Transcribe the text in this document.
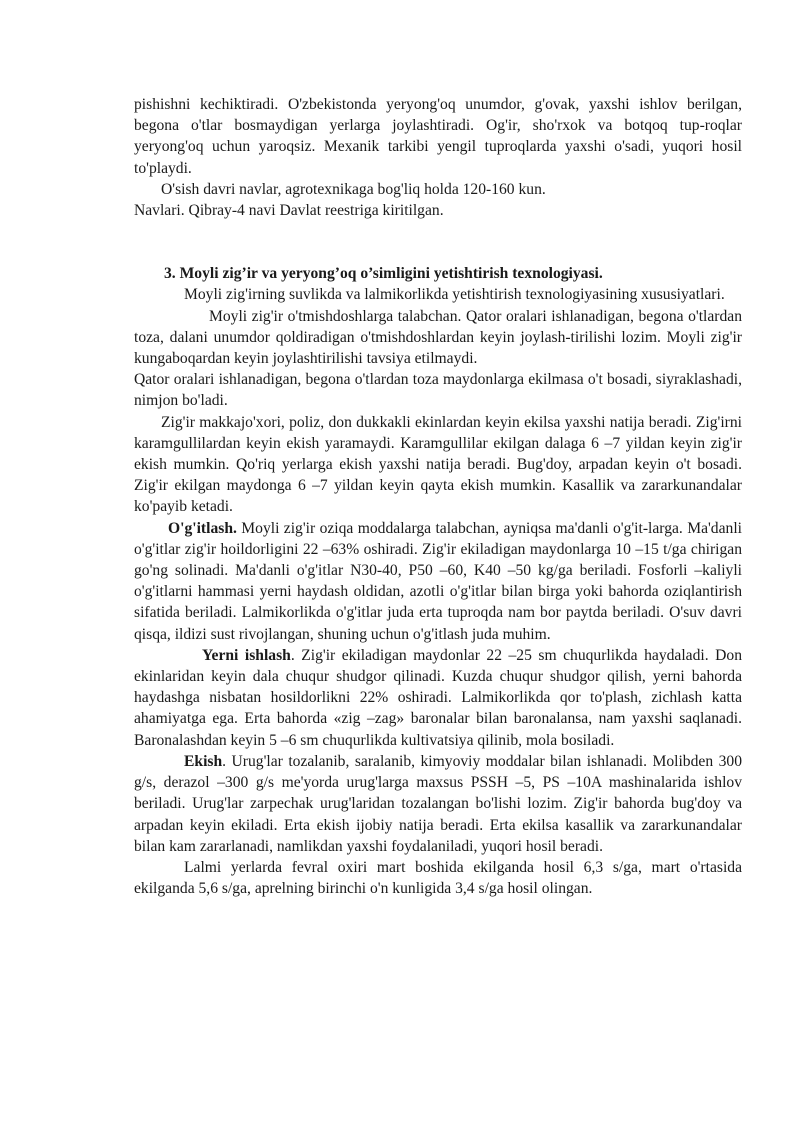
pishishni kechiktiradi. O'zbekistonda yeryong'oq unumdor, g'ovak, yaxshi ishlov berilgan, begona o'tlar bosmaydigan yerlarga joylashtiradi. Og'ir, sho'rxok va botqoq tup-roqlar yeryong'oq uchun yaroqsiz. Mexanik tarkibi yengil tuproqlarda yaxshi o'sadi, yuqori hosil to'playdi.

O'sish davri navlar, agrotexnikaga bog'liq holda 120-160 kun.

Navlari. Qibray-4 navi Davlat reestriga kiritilgan.

3. Moyli zig’ir va yeryong’oq o’simligini yetishtirish texnologiyasi.

Moyli zig'irning suvlikda va lalmikorlikda yetishtirish texnologiyasining xususiyatlari.

Moyli zig'ir o'tmishdoshlarga talabchan. Qator oralari ishlanadigan, begona o'tlardan toza, dalani unumdor qoldiradigan o'tmishdoshlardan keyin joylash-tirilishi lozim. Moyli zig'ir kungaboqardan keyin joylashtirilishi tavsiya etilmaydi.

Qator oralari ishlanadigan, begona o'tlardan toza maydonlarga ekilmasa o't bosadi, siyraklashadi, nimjon bo'ladi.

Zig'ir makkajo'xori, poliz, don dukkakli ekinlardan keyin ekilsa yaxshi natija beradi. Zig'irni karamgullilardan keyin ekish yaramaydi. Karamgullilar ekilgan dalaga 6 –7 yildan keyin zig'ir ekish mumkin. Qo'riq yerlarga ekish yaxshi natija beradi. Bug'doy, arpadan keyin o't bosadi. Zig'ir ekilgan maydonga 6 –7 yildan keyin qayta ekish mumkin. Kasallik va zararkunandalar ko'payib ketadi.

O'g'itlash. Moyli zig'ir oziqa moddalarga talabchan, ayniqsa ma'danli o'g'it-larga. Ma'danli o'g'itlar zig'ir hoildorligini 22 –63% oshiradi. Zig'ir ekiladigan maydonlarga 10 –15 t/ga chirigan go'ng solinadi. Ma'danli o'g'itlar N30-40, P50 –60, K40 –50 kg/ga beriladi. Fosforli –kaliyli o'g'itlarni hammasi yerni haydash oldidan, azotli o'g'itlar bilan birga yoki bahorda oziqlantirish sifatida beriladi. Lalmikorlikda o'g'itlar juda erta tuproqda nam bor paytda beriladi. O'suv davri qisqa, ildizi sust rivojlangan, shuning uchun o'g'itlash juda muhim.

Yerni ishlash. Zig'ir ekiladigan maydonlar 22 –25 sm chuqurlikda haydaladi. Don ekinlaridan keyin dala chuqur shudgor qilinadi. Kuzda chuqur shudgor qilish, yerni bahorda haydashga nisbatan hosildorlikni 22% oshiradi. Lalmikorlikda qor to'plash, zichlash katta ahamiyatga ega. Erta bahorda «zig –zag» baronalar bilan baronalansa, nam yaxshi saqlanadi. Baronalashdan keyin 5 –6 sm chuqurlikda kultivatsiya qilinib, mola bosiladi.

Ekish. Urug'lar tozalanib, saralanib, kimyoviy moddalar bilan ishlanadi. Molibden 300 g/s, derazol –300 g/s me'yorda urug'larga maxsus PSSH –5, PS –10A mashinalarida ishlov beriladi. Urug'lar zarpechak urug'laridan tozalangan bo'lishi lozim. Zig'ir bahorda bug'doy va arpadan keyin ekiladi. Erta ekish ijobiy natija beradi. Erta ekilsa kasallik va zararkunandalar bilan kam zararlanadi, namlikdan yaxshi foydalaniladi, yuqori hosil beradi.

Lalmi yerlarda fevral oxiri mart boshida ekilganda hosil 6,3 s/ga, mart o'rtasida ekilganda 5,6 s/ga, aprelning birinchi o'n kunligida 3,4 s/ga hosil olingan.
